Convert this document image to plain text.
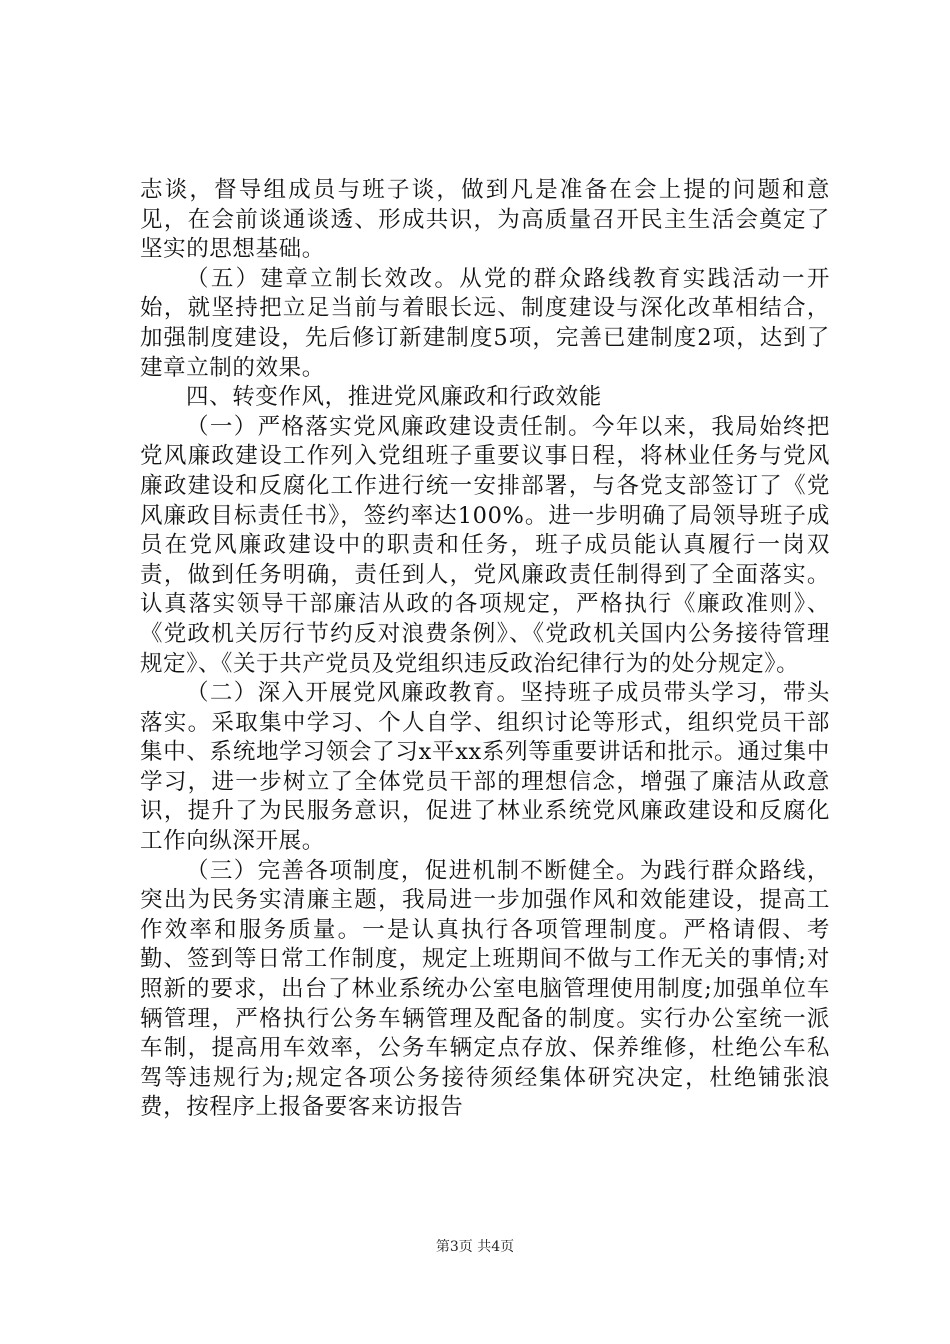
志谈，督导组成员与班子谈，做到凡是准备在会上提的问题和意见，在会前谈通谈透、形成共识，为高质量召开民主生活会奠定了坚实的思想基础。

（五）建章立制长效改。从党的群众路线教育实践活动一开始，就坚持把立足当前与着眼长远、制度建设与深化改革相结合，加强制度建设，先后修订新建制度5项，完善已建制度2项，达到了建章立制的效果。

四、转变作风，推进党风廉政和行政效能

（一）严格落实党风廉政建设责任制。今年以来，我局始终把党风廉政建设工作列入党组班子重要议事日程，将林业任务与党风廉政建设和反腐化工作进行统一安排部署，与各党支部签订了《党风廉政目标责任书》，签约率达100%。进一步明确了局领导班子成员在党风廉政建设中的职责和任务，班子成员能认真履行一岗双责，做到任务明确，责任到人，党风廉政责任制得到了全面落实。认真落实领导干部廉洁从政的各项规定，严格执行《廉政准则》、《党政机关厉行节约反对浪费条例》、《党政机关国内公务接待管理规定》、《关于共产党员及党组织违反政治纪律行为的处分规定》。

（二）深入开展党风廉政教育。坚持班子成员带头学习，带头落实。采取集中学习、个人自学、组织讨论等形式，组织党员干部集中、系统地学习领会了习x平xx系列等重要讲话和批示。通过集中学习，进一步树立了全体党员干部的理想信念，增强了廉洁从政意识，提升了为民服务意识，促进了林业系统党风廉政建设和反腐化工作向纵深开展。

（三）完善各项制度，促进机制不断健全。为践行群众路线，突出为民务实清廉主题，我局进一步加强作风和效能建设，提高工作效率和服务质量。一是认真执行各项管理制度。严格请假、考勤、签到等日常工作制度，规定上班期间不做与工作无关的事情;对照新的要求，出台了林业系统办公室电脑管理使用制度;加强单位车辆管理，严格执行公务车辆管理及配备的制度。实行办公室统一派车制，提高用车效率，公务车辆定点存放、保养维修，杜绝公车私驾等违规行为;规定各项公务接待须经集体研究决定，杜绝铺张浪费，按程序上报备要客来访报告

第3页 共4页
